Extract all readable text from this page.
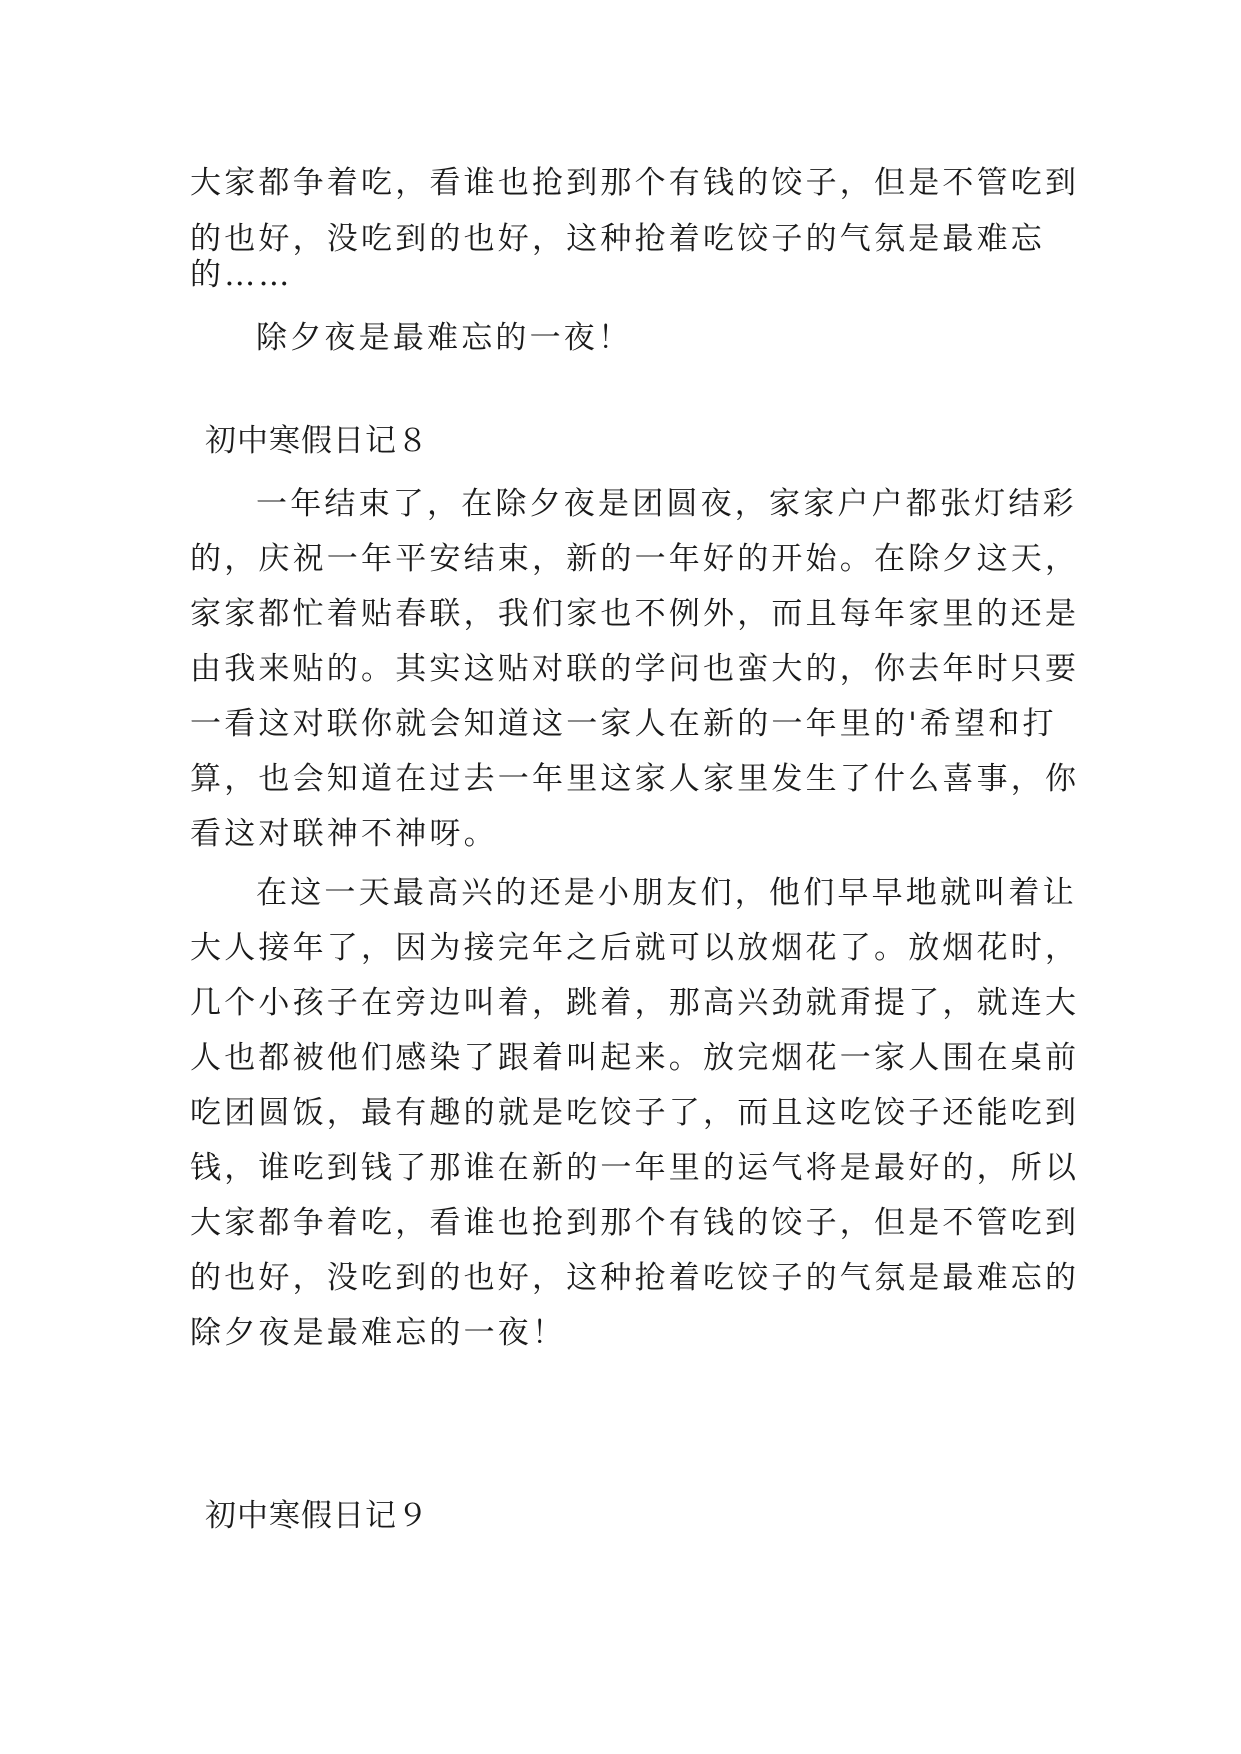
大家都争着吃，看谁也抢到那个有钱的饺子，但是不管吃到
的也好，没吃到的也好，这种抢着吃饺子的气氛是最难忘
的……
除夕夜是最难忘的一夜！
初中寒假日记８
一年结束了，在除夕夜是团圆夜，家家户户都张灯结彩
的，庆祝一年平安结束，新的一年好的开始。在除夕这天，
家家都忙着贴春联，我们家也不例外，而且每年家里的还是
由我来贴的。其实这贴对联的学问也蛮大的，你去年时只要
一看这对联你就会知道这一家人在新的一年里的'希望和打
算，也会知道在过去一年里这家人家里发生了什么喜事，你
看这对联神不神呀。
在这一天最高兴的还是小朋友们，他们早早地就叫着让
大人接年了，因为接完年之后就可以放烟花了。放烟花时，
几个小孩子在旁边叫着，跳着，那高兴劲就甭提了，就连大
人也都被他们感染了跟着叫起来。放完烟花一家人围在桌前
吃团圆饭，最有趣的就是吃饺子了，而且这吃饺子还能吃到
钱，谁吃到钱了那谁在新的一年里的运气将是最好的，所以
大家都争着吃，看谁也抢到那个有钱的饺子，但是不管吃到
的也好，没吃到的也好，这种抢着吃饺子的气氛是最难忘的
除夕夜是最难忘的一夜！
初中寒假日记９
